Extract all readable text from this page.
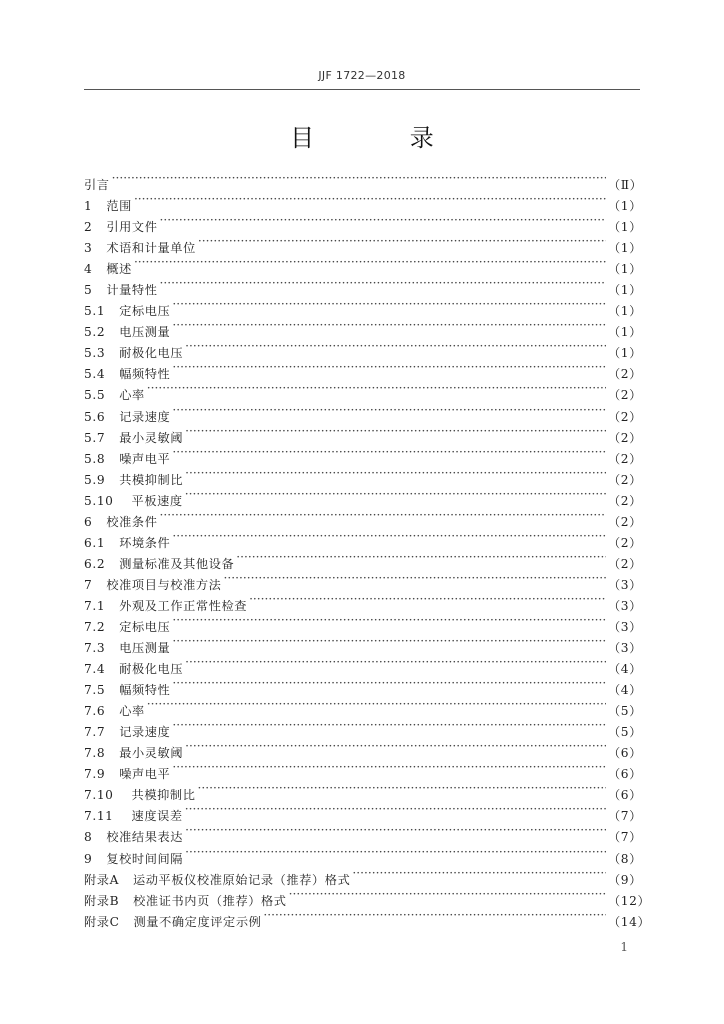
JJF 1722—2018
目 录
引言 ·····	（Ⅱ）
1 范围 ·····	（1）
2 引用文件 ·····	（1）
3 术语和计量单位 ·····	（1）
4 概述 ·····	（1）
5 计量特性 ·····	（1）
5.1 定标电压 ·····	（1）
5.2 电压测量 ·····	（1）
5.3 耐极化电压 ·····	（1）
5.4 幅频特性 ·····	（2）
5.5 心率 ·····	（2）
5.6 记录速度 ·····	（2）
5.7 最小灵敏阈 ·····	（2）
5.8 噪声电平 ·····	（2）
5.9 共模抑制比 ·····	（2）
5.10 平板速度 ·····	（2）
6 校准条件 ·····	（2）
6.1 环境条件 ·····	（2）
6.2 测量标准及其他设备 ·····	（2）
7 校准项目与校准方法 ·····	（3）
7.1 外观及工作正常性检查 ·····	（3）
7.2 定标电压 ·····	（3）
7.3 电压测量 ·····	（3）
7.4 耐极化电压 ·····	（4）
7.5 幅频特性 ·····	（4）
7.6 心率 ·····	（5）
7.7 记录速度 ·····	（5）
7.8 最小灵敏阈 ·····	（6）
7.9 噪声电平 ·····	（6）
7.10 共模抑制比 ·····	（6）
7.11 速度误差 ·····	（7）
8 校准结果表达 ·····	（7）
9 复校时间间隔 ·····	（8）
附录A 运动平板仪校准原始记录（推荐）格式 ·····	（9）
附录B 校准证书内页（推荐）格式 ·····	（12）
附录C 测量不确定度评定示例 ·····	（14）
1
